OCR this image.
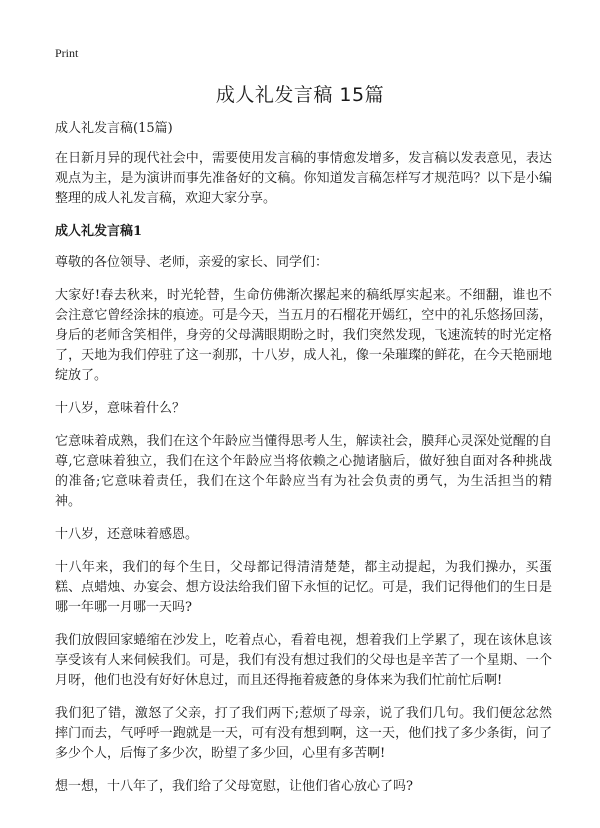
Print
成人礼发言稿 15篇

成人礼发言稿(15篇)

在日新月异的现代社会中，需要使用发言稿的事情愈发增多，发言稿以发表意见，表达观点为主，是为演讲而事先准备好的文稿。你知道发言稿怎样写才规范吗？以下是小编整理的成人礼发言稿，欢迎大家分享。

成人礼发言稿1

尊敬的各位领导、老师，亲爱的家长、同学们：

大家好!春去秋来，时光轮替，生命仿佛渐次摞起来的稿纸厚实起来。不细翻，谁也不会注意它曾经涂抹的痕迹。可是今天，当五月的石榴花开嫣红，空中的礼乐悠扬回荡，身后的老师含笑相伴，身旁的父母满眼期盼之时，我们突然发现，飞速流转的时光定格了，天地为我们停驻了这一刹那，十八岁，成人礼，像一朵璀璨的鲜花，在今天艳丽地绽放了。

十八岁，意味着什么？

它意味着成熟，我们在这个年龄应当懂得思考人生，解读社会，膜拜心灵深处觉醒的自尊,它意味着独立，我们在这个年龄应当将依赖之心抛诸脑后，做好独自面对各种挑战的准备;它意味着责任，我们在这个年龄应当有为社会负责的勇气，为生活担当的精神。

十八岁，还意味着感恩。

十八年来，我们的每个生日，父母都记得清清楚楚，都主动提起，为我们操办，买蛋糕、点蜡烛、办宴会、想方设法给我们留下永恒的记忆。可是，我们记得他们的生日是哪一年哪一月哪一天吗?

我们放假回家蜷缩在沙发上，吃着点心，看着电视，想着我们上学累了，现在该休息该享受该有人来伺候我们。可是，我们有没有想过我们的父母也是辛苦了一个星期、一个月呀，他们也没有好好休息过，而且还得拖着疲惫的身体来为我们忙前忙后啊!

我们犯了错，激怒了父亲，打了我们两下;惹烦了母亲，说了我们几句。我们便忿忿然摔门而去，气呼呼一跑就是一天，可有没有想到啊，这一天，他们找了多少条街，问了多少个人，后悔了多少次，盼望了多少回，心里有多苦啊!

想一想，十八年了，我们给了父母宽慰，让他们省心放心了吗?
